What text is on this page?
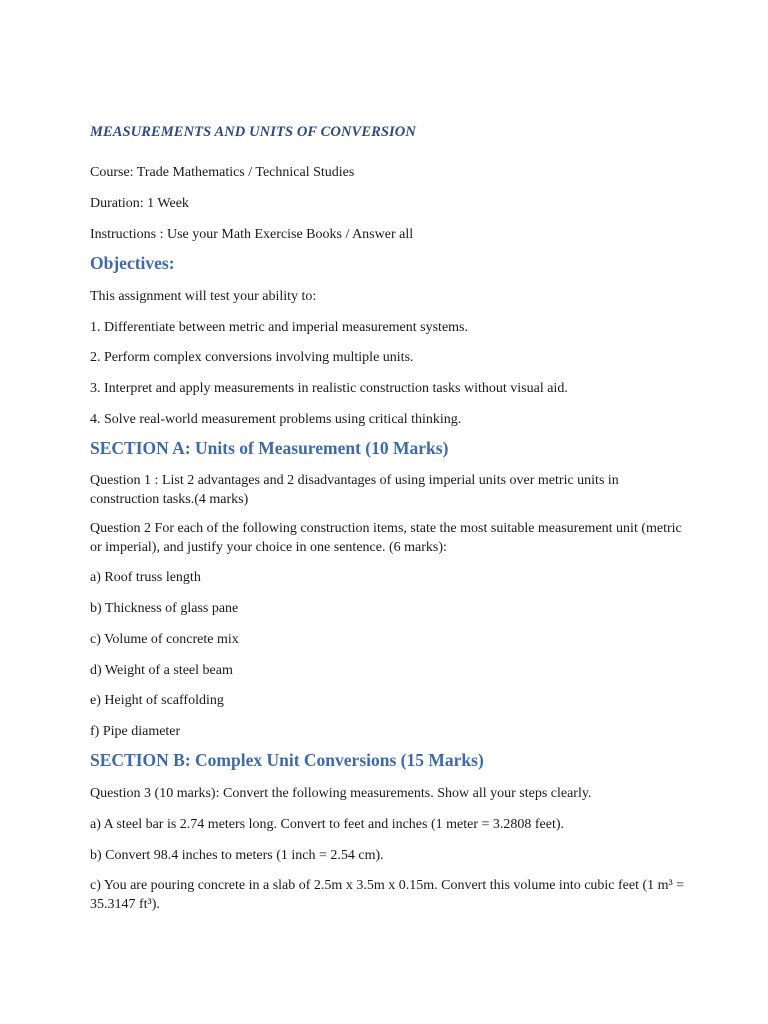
MEASUREMENTS AND UNITS OF CONVERSION

Course: Trade Mathematics / Technical Studies

Duration: 1 Week

Instructions : Use your Math Exercise Books / Answer all

Objectives:

This assignment will test your ability to:

1. Differentiate between metric and imperial measurement systems.

2. Perform complex conversions involving multiple units.

3. Interpret and apply measurements in realistic construction tasks without visual aid.

4. Solve real-world measurement problems using critical thinking.

SECTION A: Units of Measurement (10 Marks)

Question 1 : List 2 advantages and 2 disadvantages of using imperial units over metric units in construction tasks.(4 marks)

Question 2 For each of the following construction items, state the most suitable measurement unit (metric or imperial), and justify your choice in one sentence. (6 marks):

a) Roof truss length

b) Thickness of glass pane

c) Volume of concrete mix

d) Weight of a steel beam

e) Height of scaffolding

f) Pipe diameter

SECTION B: Complex Unit Conversions (15 Marks)

Question 3 (10 marks): Convert the following measurements. Show all your steps clearly.

a) A steel bar is 2.74 meters long. Convert to feet and inches (1 meter = 3.2808 feet).

b) Convert 98.4 inches to meters (1 inch = 2.54 cm).

c) You are pouring concrete in a slab of 2.5m x 3.5m x 0.15m. Convert this volume into cubic feet (1 m³ = 35.3147 ft³).
